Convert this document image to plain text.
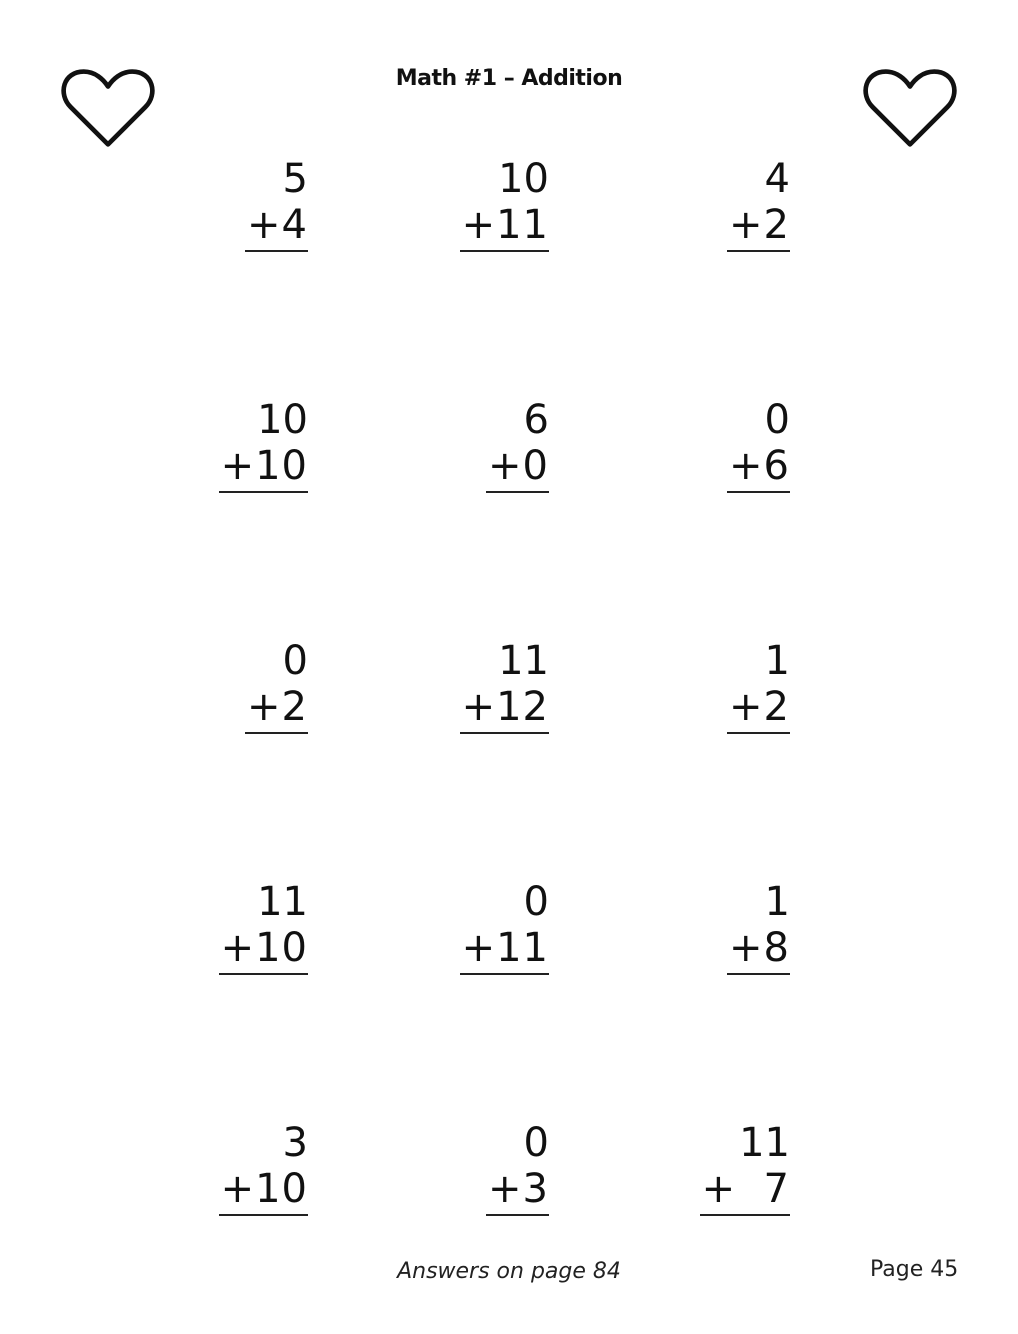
Math #1 – Addition
5
+4
10
+11
4
+2
10
+10
6
+0
0
+6
0
+2
11
+12
1
+2
11
+10
0
+11
1
+8
3
+10
0
+3
11
+  7
Answers on page 84	Page 45
